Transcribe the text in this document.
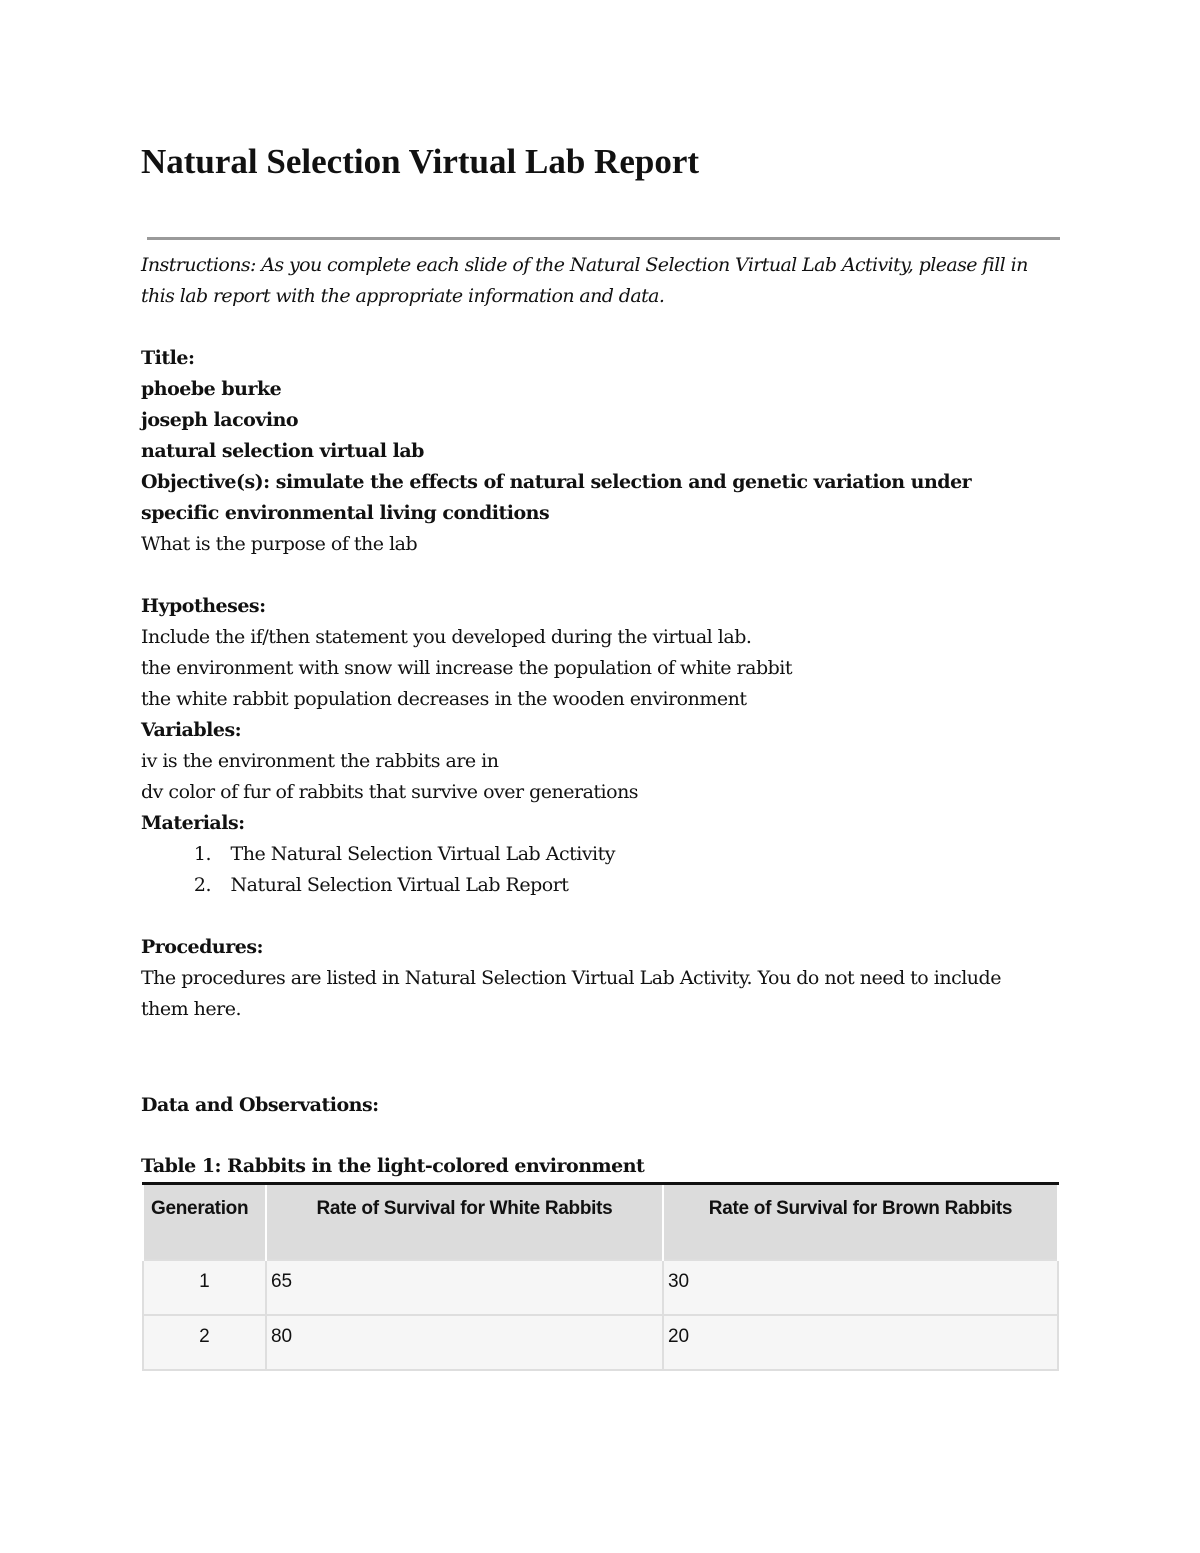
Natural Selection Virtual Lab Report

Instructions: As you complete each slide of the Natural Selection Virtual Lab Activity, please fill in this lab report with the appropriate information and data.

Title:
phoebe burke
joseph lacovino
natural selection virtual lab
Objective(s): simulate the effects of natural selection and genetic variation under specific environmental living conditions
What is the purpose of the lab
Hypotheses:
Include the if/then statement you developed during the virtual lab.
the environment with snow will increase the population of white rabbit
the white rabbit population decreases in the wooden environment
Variables:
iv is the environment the rabbits are in
dv color of fur of rabbits that survive over generations
Materials:
1. The Natural Selection Virtual Lab Activity
2. Natural Selection Virtual Lab Report
Procedures:
The procedures are listed in Natural Selection Virtual Lab Activity. You do not need to include them here.
Data and Observations:
Table 1: Rabbits in the light-colored environment
Generation	Rate of Survival for White Rabbits	Rate of Survival for Brown Rabbits
1	65	30
2	80	20
